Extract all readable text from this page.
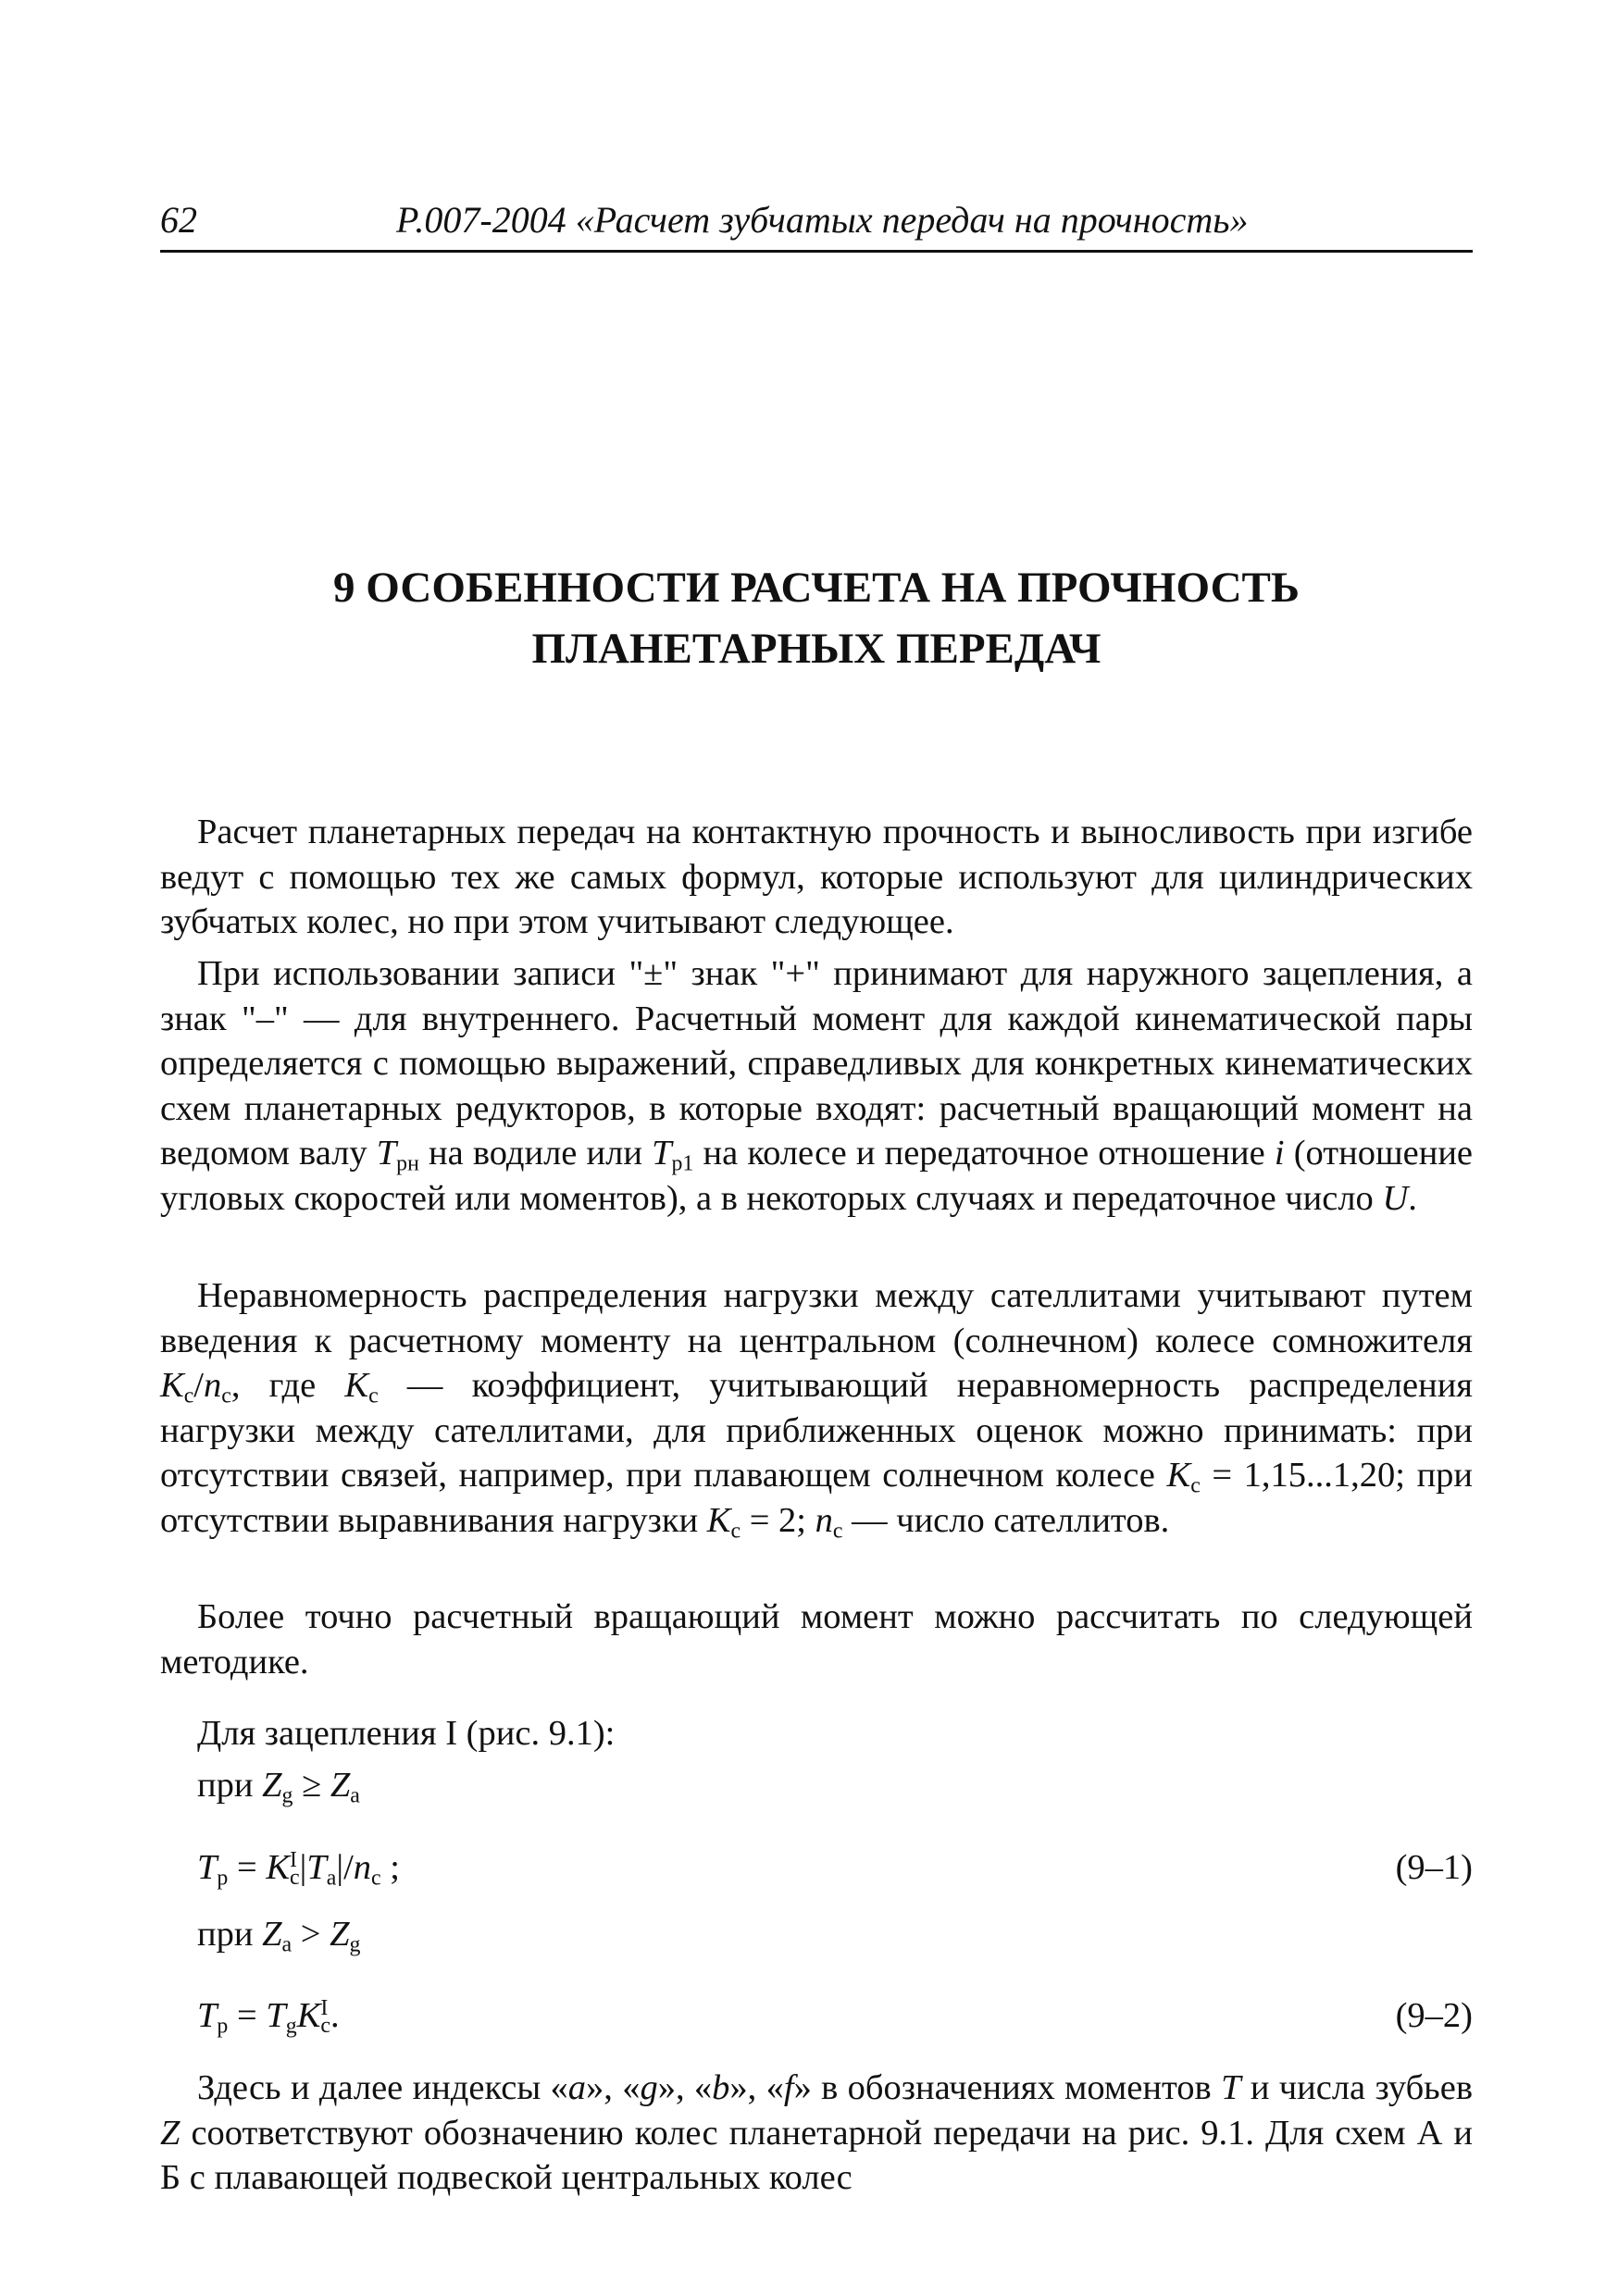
62	Р.007-2004 «Расчет зубчатых передач на прочность»
9 ОСОБЕННОСТИ РАСЧЕТА НА ПРОЧНОСТЬ
ПЛАНЕТАРНЫХ ПЕРЕДАЧ
Расчет планетарных передач на контактную прочность и выносливость при изгибе ведут с помощью тех же самых формул, которые используют для цилиндрических зубчатых колес, но при этом учитывают следующее.
При использовании записи "±" знак "+" принимают для наружного зацепления, а знак "–" — для внутреннего. Расчетный момент для каждой кинематической пары определяется с помощью выражений, справедливых для конкретных кинематических схем планетарных редукторов, в которые входят: расчетный вращающий момент на ведомом валу $T_{рн}$ на водиле или $T_{р1}$ на колесе и передаточное отношение i (отношение угловых скоростей или моментов), а в некоторых случаях и передаточное число U.
Неравномерность распределения нагрузки между сателлитами учитывают путем введения к расчетному моменту на центральном (солнечном) колесе сомножителя $K_c/n_c$, где $K_c$ — коэффициент, учитывающий неравномерность распределения нагрузки между сателлитами, для приближенных оценок можно принимать: при отсутствии связей, например, при плавающем солнечном колесе $K_c = 1,15...1,20$; при отсутствии выравнивания нагрузки $K_c = 2$; $n_c$ — число сателлитов.
Более точно расчетный вращающий момент можно рассчитать по следующей методике.
Для зацепления I (рис. 9.1):
при $Z_g \ge Z_a$
$T_p = K$ I
c $|T_a|/n_c$ ;	(9–1)
при $Z_a > Z_g$
$T_p = T_gK$ I
c .	(9–2)
Здесь и далее индексы «a», «g», «b», «f» в обозначениях моментов T и числа зубьев Z соответствуют обозначению колес планетарной передачи на рис. 9.1. Для схем А и Б с плавающей подвеской центральных колес
